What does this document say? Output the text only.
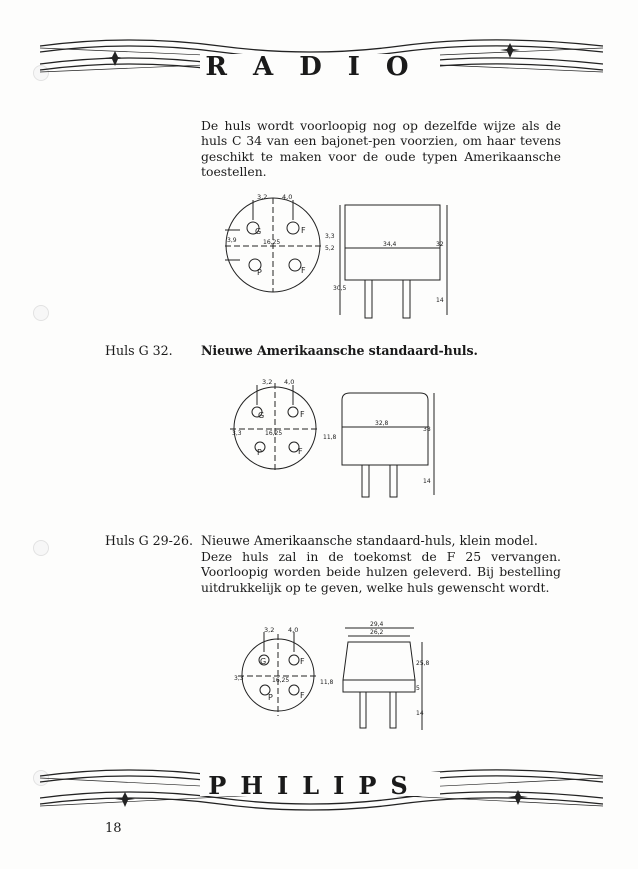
RADIO
De huls wordt voorloopig nog op dezelfde wijze als de huls C 34 van een bajonet-pen voorzien, om haar tevens geschikt te maken voor de oude typen Amerikaansche toestellen.
3,2 4,0
G	F
P	F
16,25
3,9
3,3
5,2
34,4	32
30,5
14
Huls G 32. Nieuwe Amerikaansche standaard-huls.
3,2 4,0
G	F
P	F
16,25
3,3
11,8
32,8
38
14
Huls G 29-26. Nieuwe Amerikaansche standaard-huls, klein model.
Deze huls zal in de toekomst de F 25 vervangen. Voorloopig worden beide hulzen geleverd. Bij bestelling uitdrukkelijk op te geven, welke huls gewenscht wordt.
3,2 4,0
G	F
P	F
16,25
3,3
11,8
29,4
26,2
25,8
5
14
PHILIPS
18
